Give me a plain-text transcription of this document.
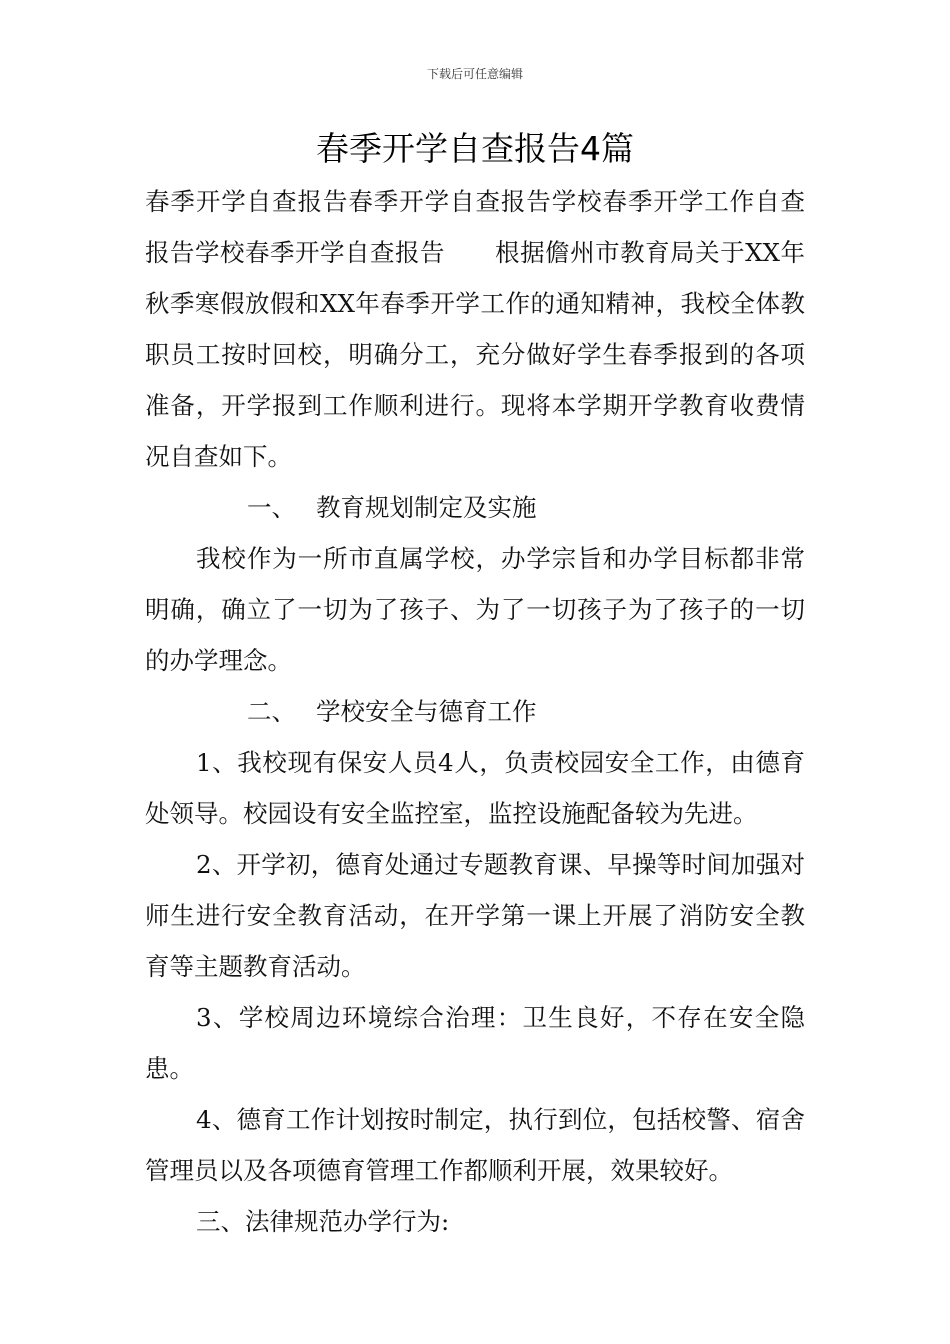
下载后可任意编辑
春季开学自查报告4篇

春季开学自查报告春季开学自查报告学校春季开学工作自查报告学校春季开学自查报告　　根据儋州市教育局关于XX年秋季寒假放假和XX年春季开学工作的通知精神，我校全体教职员工按时回校，明确分工，充分做好学生春季报到的各项准备，开学报到工作顺利进行。现将本学期开学教育收费情况自查如下。

一、 教育规划制定及实施

我校作为一所市直属学校，办学宗旨和办学目标都非常明确，确立了一切为了孩子、为了一切孩子为了孩子的一切的办学理念。

二、 学校安全与德育工作

1、我校现有保安人员4人，负责校园安全工作，由德育处领导。校园设有安全监控室，监控设施配备较为先进。

2、开学初，德育处通过专题教育课、早操等时间加强对师生进行安全教育活动，在开学第一课上开展了消防安全教育等主题教育活动。

3、学校周边环境综合治理：卫生良好，不存在安全隐患。

4、德育工作计划按时制定，执行到位，包括校警、宿舍管理员以及各项德育管理工作都顺利开展，效果较好。

三、法律规范办学行为:
